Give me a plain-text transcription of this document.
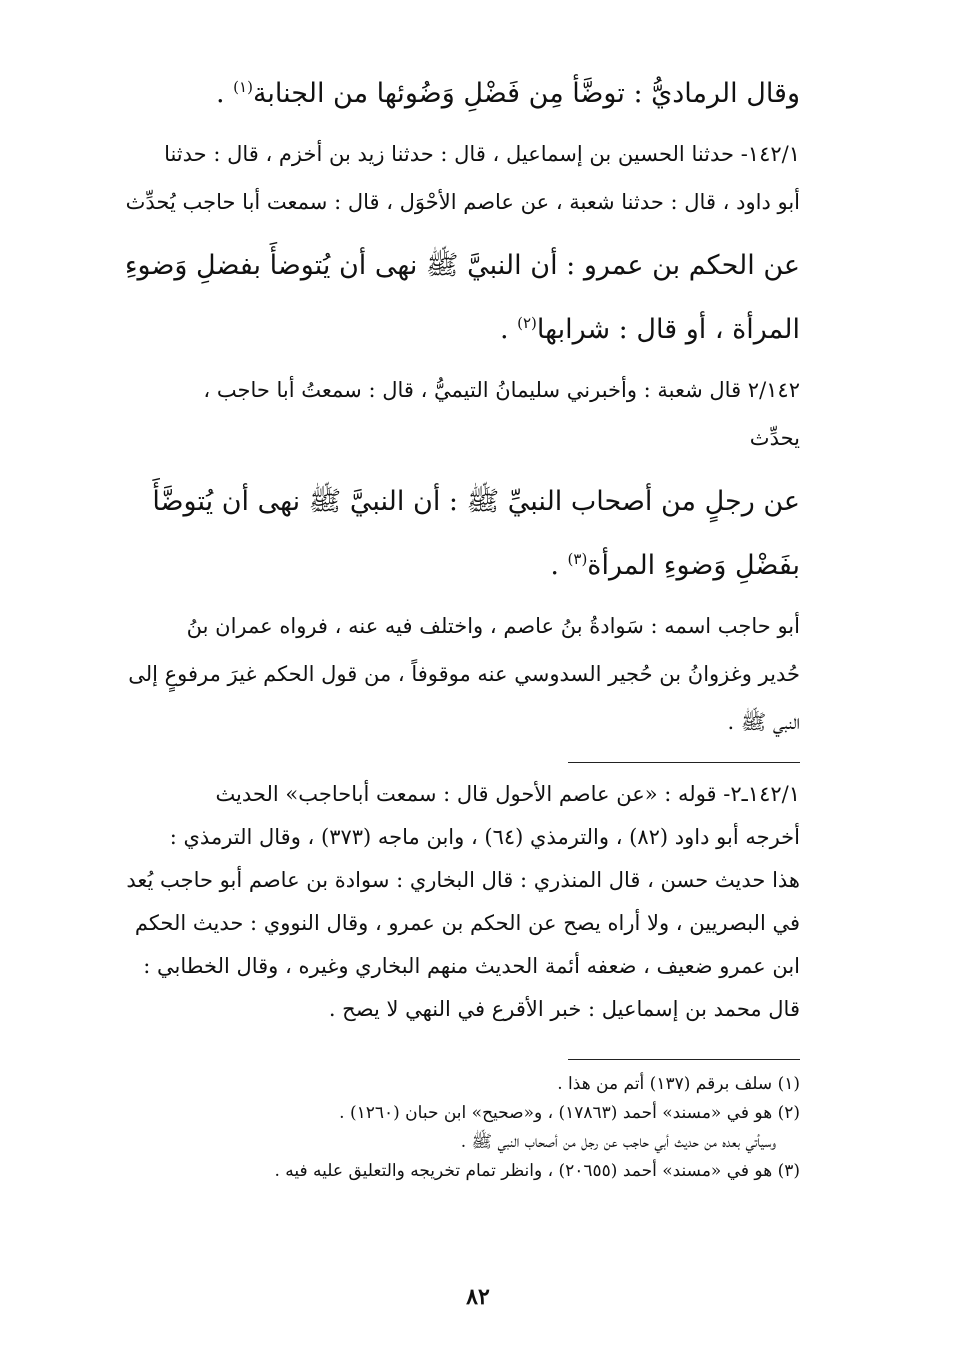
وقال الرماديُّ : توضَّأ مِن فَضْلِ وَضُوئها من الجنابة$^{(١)}$ .

١٤٢/١- حدثنا الحسين بن إسماعيل ، قال : حدثنا زيد بن أخزم ، قال : حدثنا

أبو داود ، قال : حدثنا شعبة ، عن عاصم الأحْوَل ، قال : سمعت أبا حاجب يُحدِّث

عن الحكم بن عمرو : أن النبيَّ ﷺ نهى أن يُتوضأَ بفضلِ وَضوءِ

المرأة ، أو قال : شرابها$^{(٢)}$ .

٢/١٤٢ قال شعبة : وأخبرني سليمانُ التيميُّ ، قال : سمعتُ أبا حاجب ،

يحدِّث

عن رجلٍ من أصحاب النبيِّ ﷺ : أن النبيَّ ﷺ نهى أن يُتوضَّأَ

بفَضْلِ وَضوءِ المرأة$^{(٣)}$ .

أبو حاجب اسمه : سَوادةُ بنُ عاصم ، واختلف فيه عنه ، فرواه عمران بنُ

حُدير وغزوانُ بن حُجير السدوسي عنه موقوفاً ، من قول الحكم غيرَ مرفوعٍ إلى

النبي ﷺ .

١٤٢/١ـ٢- قوله : «عن عاصم الأحول قال : سمعت أباحاجب» الحديث

أخرجه أبو داود (٨٢) ، والترمذي (٦٤) ، وابن ماجه (٣٧٣) ، وقال الترمذي :

هذا حديث حسن ، قال المنذري : قال البخاري : سوادة بن عاصم أبو حاجب يُعد

في البصريين ، ولا أراه يصح عن الحكم بن عمرو ، وقال النووي : حديث الحكم

ابن عمرو ضعيف ، ضعفه أئمة الحديث منهم البخاري وغيره ، وقال الخطابي :

قال محمد بن إسماعيل : خبر الأقرع في النهي لا يصح .

(١) سلف برقم (١٣٧) أتم من هذا .

(٢) هو في «مسند» أحمد (١٧٨٦٣) ، و«صحيح» ابن حبان (١٢٦٠) .

وسيأتي بعده من حديث أبي حاجب عن رجل من أصحاب النبي ﷺ .

(٣) هو في «مسند» أحمد (٢٠٦٥٥) ، وانظر تمام تخريجه والتعليق عليه فيه .

٨٢
